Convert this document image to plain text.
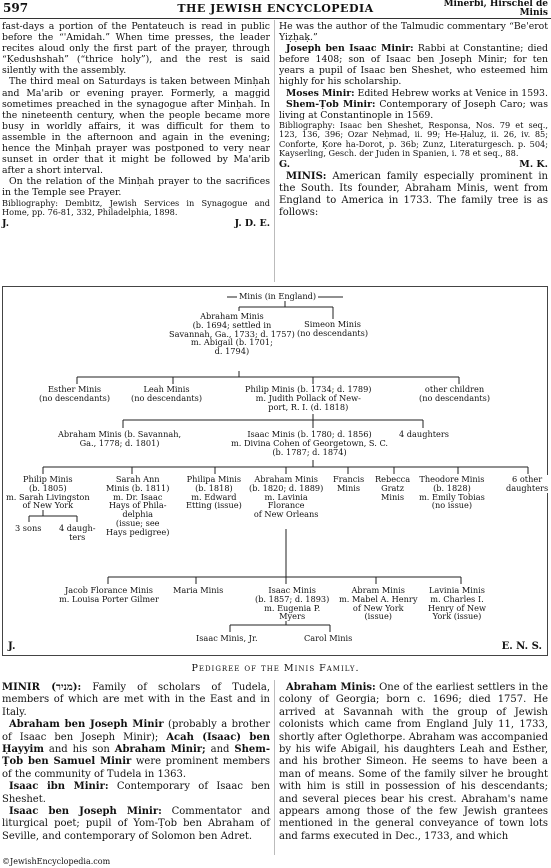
597	THE JEWISH ENCYCLOPEDIA	Minerbi, Hirschel de
Minis

fast-days a portion of the Pentateuch is read in public before the “'Amidah.” When time presses, the leader recites aloud only the first part of the prayer, through “Ḳedushshah” (“thrice holy”), and the rest is said silently with the assembly.

The third meal on Saturdays is taken between Minḥah and Ma'arib or evening prayer. Formerly, a maggid sometimes preached in the synagogue after Minḥah. In the nineteenth century, when the people became more busy in worldly affairs, it was difficult for them to assemble in the afternoon and again in the evening; hence the Minḥah prayer was postponed to very near sunset in order that it might be followed by Ma'arib after a short interval.

On the relation of the Minḥah prayer to the sacrifices in the Temple see Prayer.

Bibliography: Dembitz, Jewish Services in Synagogue and Home, pp. 76-81, 332, Philadelphia, 1898.

J.	J. D. E.

He was the author of the Talmudic commentary “Be'erot Yiẓḥaḳ.”

Joseph ben Isaac Minir: Rabbi at Constantine; died before 1408; son of Isaac ben Joseph Minir; for ten years a pupil of Isaac ben Sheshet, who esteemed him highly for his scholarship.

Moses Minir: Edited Hebrew works at Venice in 1593.

Shem-Ṭob Minir: Contemporary of Joseph Caro; was living at Constantinople in 1569.

Bibliography: Isaac ben Sheshet, Responsa, Nos. 79 et seq., 123, 136, 396; Ozar Neḥmad, ii. 99; He-Ḥaluẓ, ii. 26, iv. 85; Conforte, Ḳore ha-Dorot, p. 36b; Zunz, Literaturgesch. p. 504; Kayserling, Gesch. der Juden in Spanien, i. 78 et seq., 88.

G.	M. K.

MINIS: American family especially prominent in the South. Its founder, Abraham Minis, went from England to America in 1733. The family tree is as follows:

Minis (in England)
Abraham Minis
(b. 1694; settled in
Savannah, Ga., 1733; d. 1757)
m. Abigail (b. 1701;
d. 1794)
Simeon Minis
(no descendants)
Esther Minis
(no descendants)
Leah Minis
(no descendants)
Philip Minis (b. 1734; d. 1789)
m. Judith Pollack of New-
port, R. I. (d. 1818)
other children
(no descendants)
Abraham Minis (b. Savannah,
Ga., 1778; d. 1801)
Isaac Minis (b. 1780; d. 1856)
m. Divina Cohen of Georgetown, S. C.
(b. 1787; d. 1874)
4 daughters
Philip Minis
(b. 1805)
m. Sarah Livingston
of New York
Sarah Ann
Minis (b. 1811)
m. Dr. Isaac
Hays of Phila-
delphia
(issue; see
Hays pedigree)
Philipa Minis
(b. 1818)
m. Edward
Etting (issue)
Abraham Minis
(b. 1820; d. 1889)
m. Lavinia
Florance
of New Orleans
Francis
Minis
Rebecca
Gratz
Minis
Theodore Minis
(b. 1828)
m. Emily Tobias
(no issue)
6 other
daughters
3 sons 4 daugh-
ters
Jacob Florance Minis
m. Louisa Porter Gilmer
Maria Minis	Isaac Minis
(b. 1857; d. 1893)
m. Eugenia P.
Myers
Abram Minis
m. Mabel A. Henry
of New York
(issue)
Lavinia Minis
m. Charles I.
Henry of New
York (issue)
Isaac Minis, Jr.	Carol Minis
J.	E. N. S.
Pedigree of the Minis Family.

MINIR (מניר): Family of scholars of Tudela, members of which are met with in the East and in Italy.

Abraham ben Joseph Minir (probably a brother of Isaac ben Joseph Minir); Acah (Isaac) ben Ḥayyim and his son Abraham Minir; and Shem-Ṭob ben Samuel Minir were prominent members of the community of Tudela in 1363.

Isaac ibn Minir: Contemporary of Isaac ben Sheshet.

Isaac ben Joseph Minir: Commentator and liturgical poet; pupil of Yom-Ṭob ben Abraham of Seville, and contemporary of Solomon ben Adret.

Abraham Minis: One of the earliest settlers in the colony of Georgia; born c. 1696; died 1757. He arrived at Savannah with the group of Jewish colonists which came from England July 11, 1733, shortly after Oglethorpe. Abraham was accompanied by his wife Abigail, his daughters Leah and Esther, and his brother Simeon. He seems to have been a man of means. Some of the family silver he brought with him is still in possession of his descendants; and several pieces bear his crest. Abraham's name appears among those of the few Jewish grantees mentioned in the general conveyance of town lots and farms executed in Dec., 1733, and which

©JewishEncyclopedia.com
